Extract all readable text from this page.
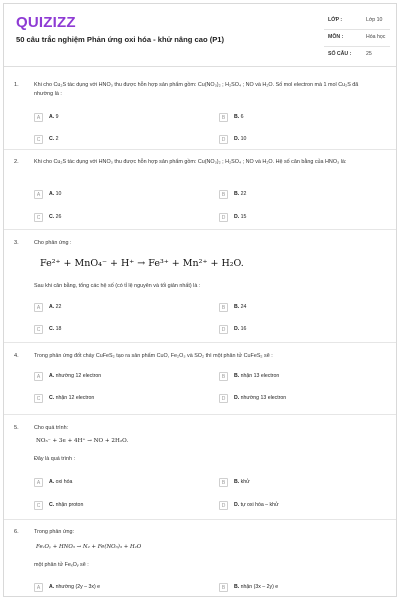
QUIZIZZ
50 câu trắc nghiệm Phản ứng oxi hóa - khử nâng cao (P1)
LỚP :	Lớp 10
MÔN :	Hóa học
SỐ CÂU :	25
1.	Khi cho Cu₂S tác dụng với HNO₃ thu được hỗn hợp sản phẩm gồm: Cu(NO₃)₂ ; H₂SO₄ ; NO và H₂O. Số mol electron mà 1 mol Cu₂S đã nhường là :
A	A. 9	B	B. 6
C	C. 2	D	D. 10
2.	Khi cho Cu₂S tác dụng với HNO₃ thu được hỗn hợp sản phẩm gồm: Cu(NO₃)₂ ; H₂SO₄ ; NO và H₂O. Hệ số cân bằng của HNO₃ là:
A	A. 10	B	B. 22
C	C. 26	D	D. 15
3.	Cho phản ứng :
Fe²⁺ + MnO₄⁻ + H⁺ → Fe³⁺ + Mn²⁺ + H₂O.
Sau khi cân bằng, tổng các hệ số (có tỉ lệ nguyên và tối giản nhất) là :
A	A. 22	B	B. 24
C	C. 18	D	D. 16
4.	Trong phản ứng đốt cháy CuFeS₂ tạo ra sản phẩm CuO, Fe₂O₃ và SO₂ thì một phân tử CuFeS₂ sẽ :
A	A. nhường 12 electron	B	B. nhận 13 electron
C	C. nhận 12 electron	D	D. nhường 13 electron
5.	Cho quá trình:
NO₃⁻ + 3e + 4H⁺ → NO + 2H₂O.
Đây là quá trình :
A	A. oxi hóa	B	B. khử
C	C. nhận proton	D	D. tự oxi hóa – khử
6.	Trong phản ứng:
FeₓOᵧ + HNO₃ → N₂ + Fe(NO₃)₃ + H₂O
một phân tử FeₓOᵧ sẽ :
A	A. nhường (2y – 3x) e	B	B. nhận (3x – 2y) e
